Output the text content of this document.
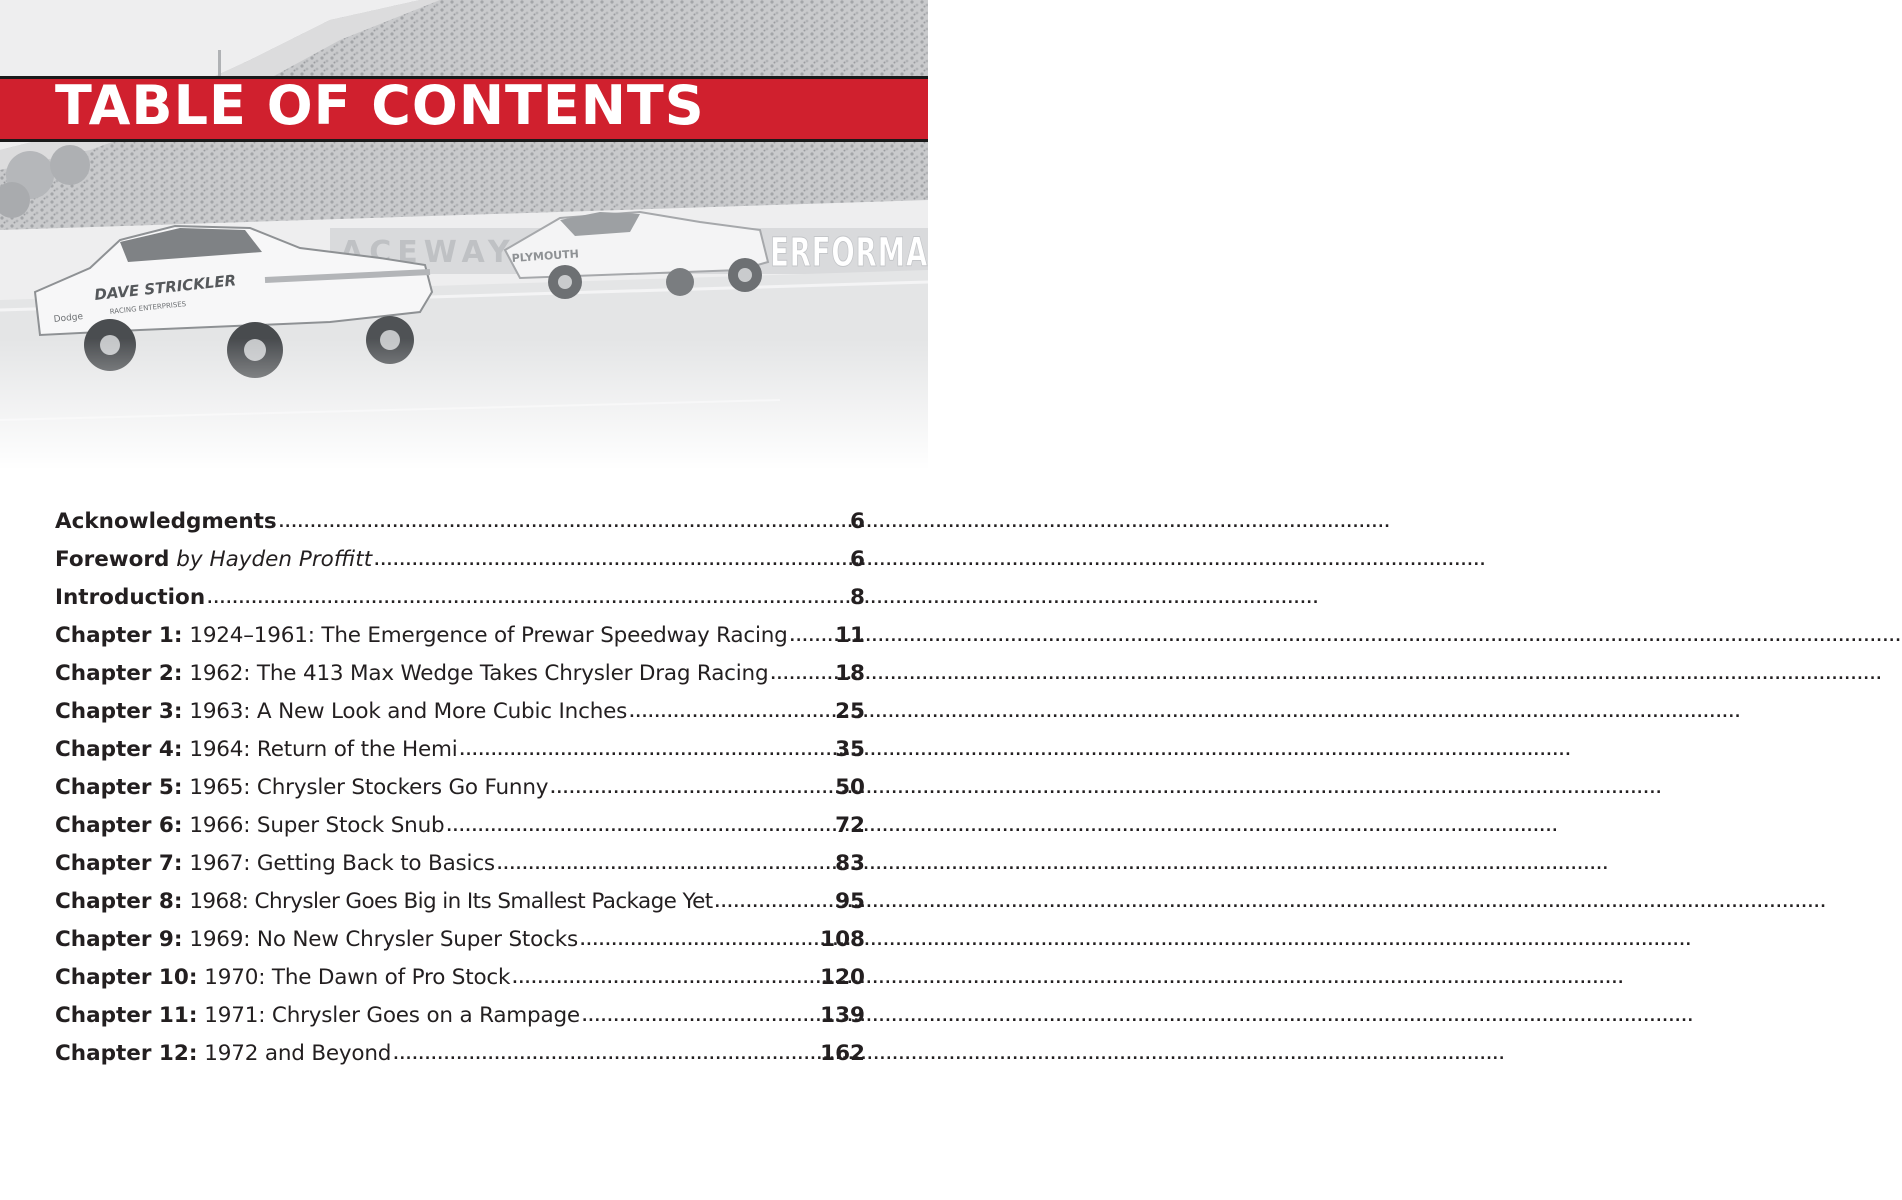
TABLE OF CONTENTS
Acknowledgments .....	6
Foreword
by Hayden Proffitt .....	6
Introduction .....	8
Chapter 1:
1924–1961: The Emergence of Prewar Speedway Racing ..... 11
Chapter 2:
1962: The 413 Max Wedge Takes Chrysler Drag Racing .....	18
Chapter 3:
1963: A New Look and More Cubic Inches .....	25
Chapter 4:
1964: Return of the Hemi .....	35
Chapter 5:
1965: Chrysler Stockers Go Funny .....	50
Chapter 6:
1966: Super Stock Snub .....	72
Chapter 7:
1967: Getting Back to Basics .....	83
Chapter 8:
1968: Chrysler Goes Big in Its Smallest Package Yet .....	95
Chapter 9:
1969: No New Chrysler Super Stocks .....	108
Chapter 10:
1970: The Dawn of Pro Stock .....	120
Chapter 11:
1971: Chrysler Goes on a Rampage .....	139
Chapter 12:
1972 and Beyond .....	162
